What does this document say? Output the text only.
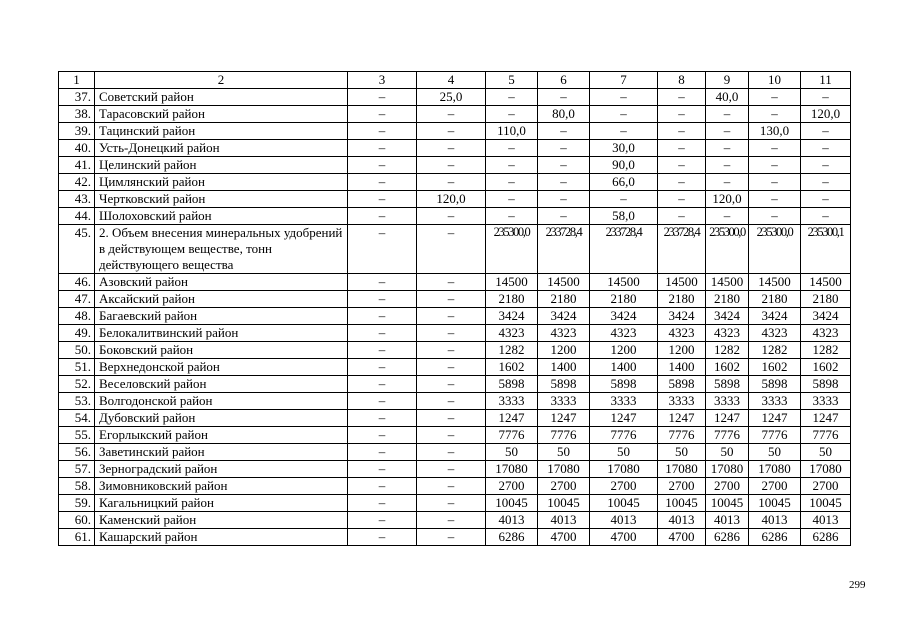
1	2	3	4	5	6	7	8	9	10	11
37.	Советский район	–	25,0	–	–	–	–	40,0	–	–
38.	Тарасовский район	–	–	–	80,0	–	–	–	–	120,0
39.	Тацинский район	–	–	110,0	–	–	–	–	130,0	–
40.	Усть-Донецкий район	–	–	–	–	30,0	–	–	–	–
41.	Целинский район	–	–	–	–	90,0	–	–	–	–
42.	Цимлянский район	–	–	–	–	66,0	–	–	–	–
43.	Чертковский район	–	120,0	–	–	–	–	120,0	–	–
44.	Шолоховский район	–	–	–	–	58,0	–	–	–	–
45.	2. Объем внесения минеральных удобрений в действующем веществе, тонн действующего вещества	–	–	235300,0	233728,4	233728,4	233728,4	235300,0	235300,0	235300,1
46.	Азовский район	–	–	14500	14500	14500	14500	14500	14500	14500
47.	Аксайский район	–	–	2180	2180	2180	2180	2180	2180	2180
48.	Багаевский район	–	–	3424	3424	3424	3424	3424	3424	3424
49.	Белокалитвинский район	–	–	4323	4323	4323	4323	4323	4323	4323
50.	Боковский район	–	–	1282	1200	1200	1200	1282	1282	1282
51.	Верхнедонской район	–	–	1602	1400	1400	1400	1602	1602	1602
52.	Веселовский район	–	–	5898	5898	5898	5898	5898	5898	5898
53.	Волгодонской район	–	–	3333	3333	3333	3333	3333	3333	3333
54.	Дубовский район	–	–	1247	1247	1247	1247	1247	1247	1247
55.	Егорлыкский район	–	–	7776	7776	7776	7776	7776	7776	7776
56.	Заветинский район	–	–	50	50	50	50	50	50	50
57.	Зерноградский район	–	–	17080	17080	17080	17080	17080	17080	17080
58.	Зимовниковский район	–	–	2700	2700	2700	2700	2700	2700	2700
59.	Кагальницкий район	–	–	10045	10045	10045	10045	10045	10045	10045
60.	Каменский район	–	–	4013	4013	4013	4013	4013	4013	4013
61.	Кашарский район	–	–	6286	4700	4700	4700	6286	6286	6286
299
